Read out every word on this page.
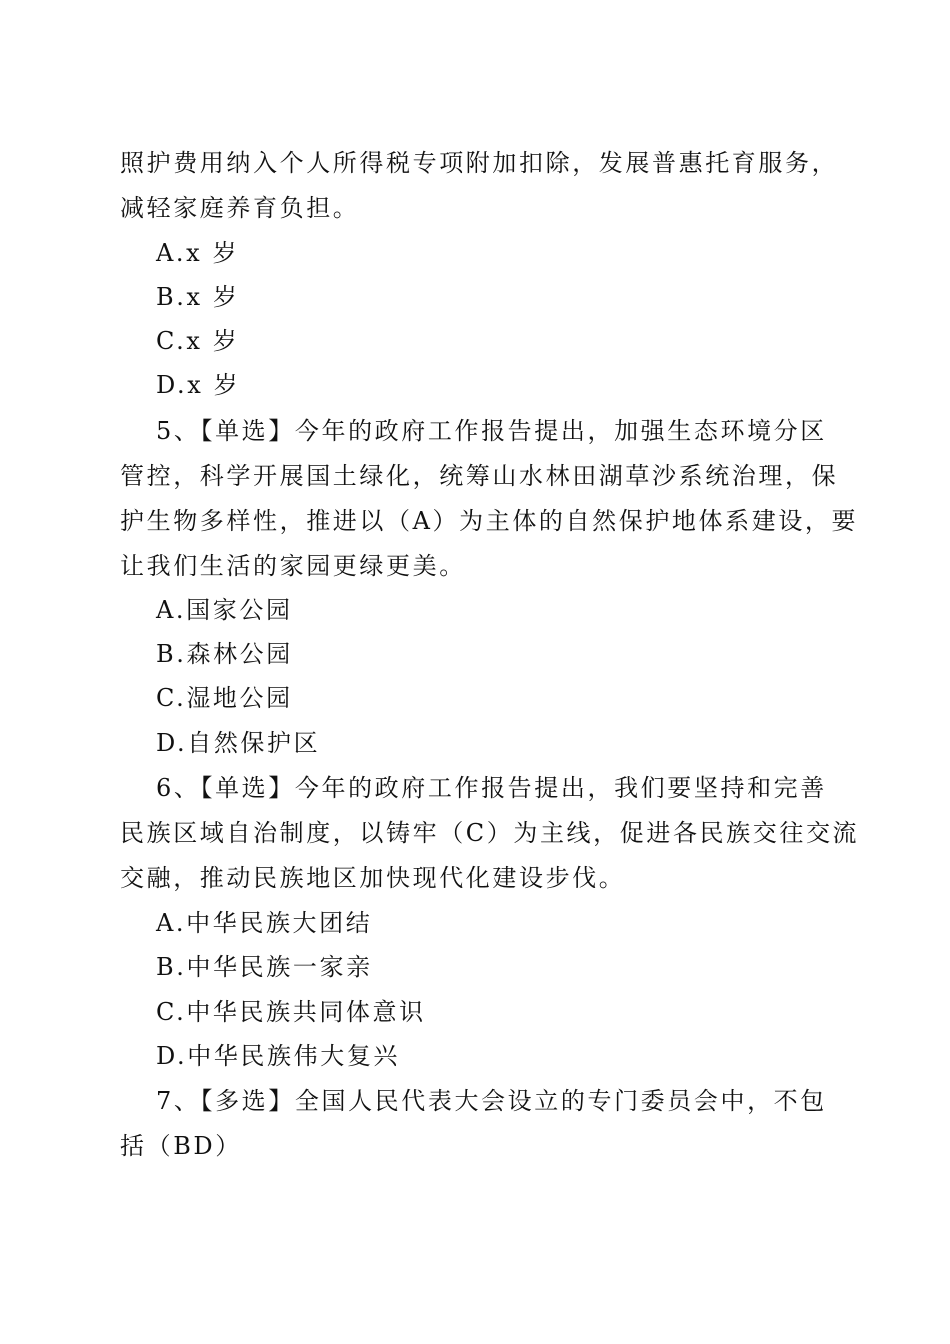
照护费用纳入个人所得税专项附加扣除，发展普惠托育服务，
减轻家庭养育负担。
A.x 岁
B.x 岁
C.x 岁
D.x 岁
5、【单选】今年的政府工作报告提出，加强生态环境分区
管控，科学开展国土绿化，统筹山水林田湖草沙系统治理，保
护生物多样性，推进以（A）为主体的自然保护地体系建设，要
让我们生活的家园更绿更美。
A.国家公园
B.森林公园
C.湿地公园
D.自然保护区
6、【单选】今年的政府工作报告提出，我们要坚持和完善
民族区域自治制度，以铸牢（C）为主线，促进各民族交往交流
交融，推动民族地区加快现代化建设步伐。
A.中华民族大团结
B.中华民族一家亲
C.中华民族共同体意识
D.中华民族伟大复兴
7、【多选】全国人民代表大会设立的专门委员会中，不包
括（BD）
